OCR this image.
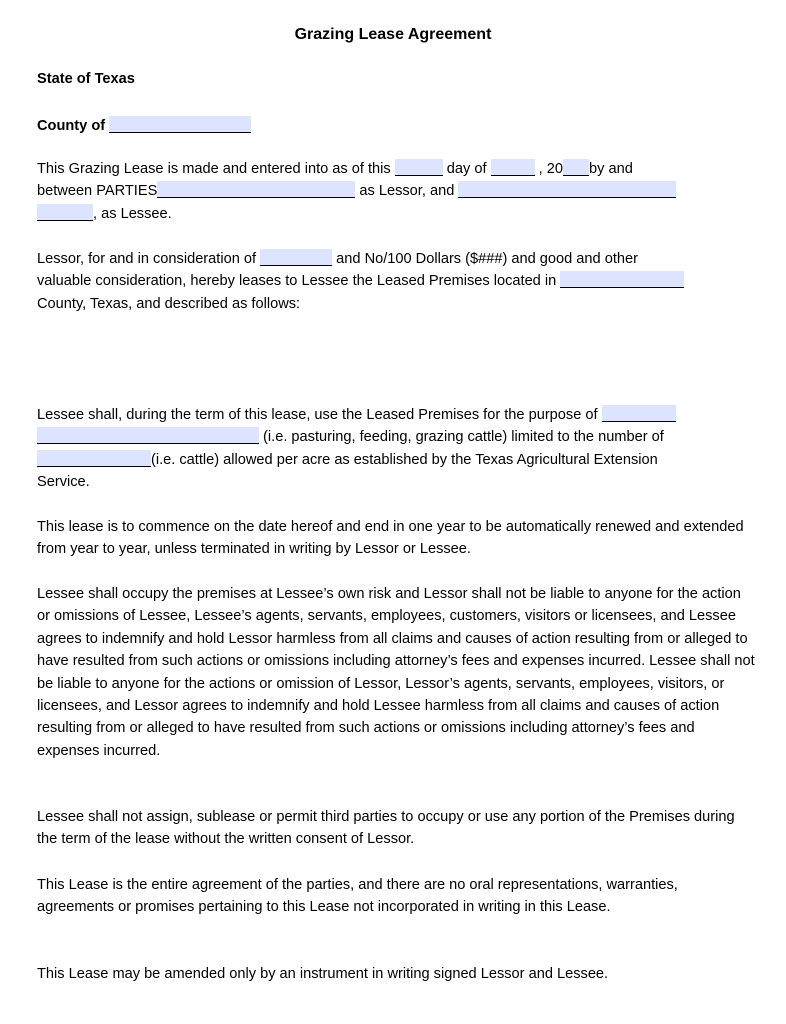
Grazing Lease Agreement
State of Texas
County of

This Grazing Lease is made and entered into as of this	day of	, 20 by and
between PARTIES	as Lessor, and
, as Lessee.

Lessor, for and in consideration of	and No/100 Dollars ($###) and good and other
valuable consideration, hereby leases to Lessee the Leased Premises located in
County, Texas, and described as follows:

Lessee shall, during the term of this lease, use the Leased Premises for the purpose of
(i.e. pasturing, feeding, grazing cattle) limited to the number of
(i.e. cattle) allowed per acre as established by the Texas Agricultural Extension
Service.

This lease is to commence on the date hereof and end in one year to be automatically renewed and extended from year to year, unless terminated in writing by Lessor or Lessee.

Lessee shall occupy the premises at Lessee’s own risk and Lessor shall not be liable to anyone for the action or omissions of Lessee, Lessee’s agents, servants, employees, customers, visitors or licensees, and Lessee agrees to indemnify and hold Lessor harmless from all claims and causes of action resulting from or alleged to have resulted from such actions or omissions including attorney’s fees and expenses incurred. Lessee shall not be liable to anyone for the actions or omission of Lessor, Lessor’s agents, servants, employees, visitors, or licensees, and Lessor agrees to indemnify and hold Lessee harmless from all claims and causes of action resulting from or alleged to have resulted from such actions or omissions including attorney’s fees and expenses incurred.

Lessee shall not assign, sublease or permit third parties to occupy or use any portion of the Premises during the term of the lease without the written consent of Lessor.

This Lease is the entire agreement of the parties, and there are no oral representations, warranties, agreements or promises pertaining to this Lease not incorporated in writing in this Lease.

This Lease may be amended only by an instrument in writing signed Lessor and Lessee.
